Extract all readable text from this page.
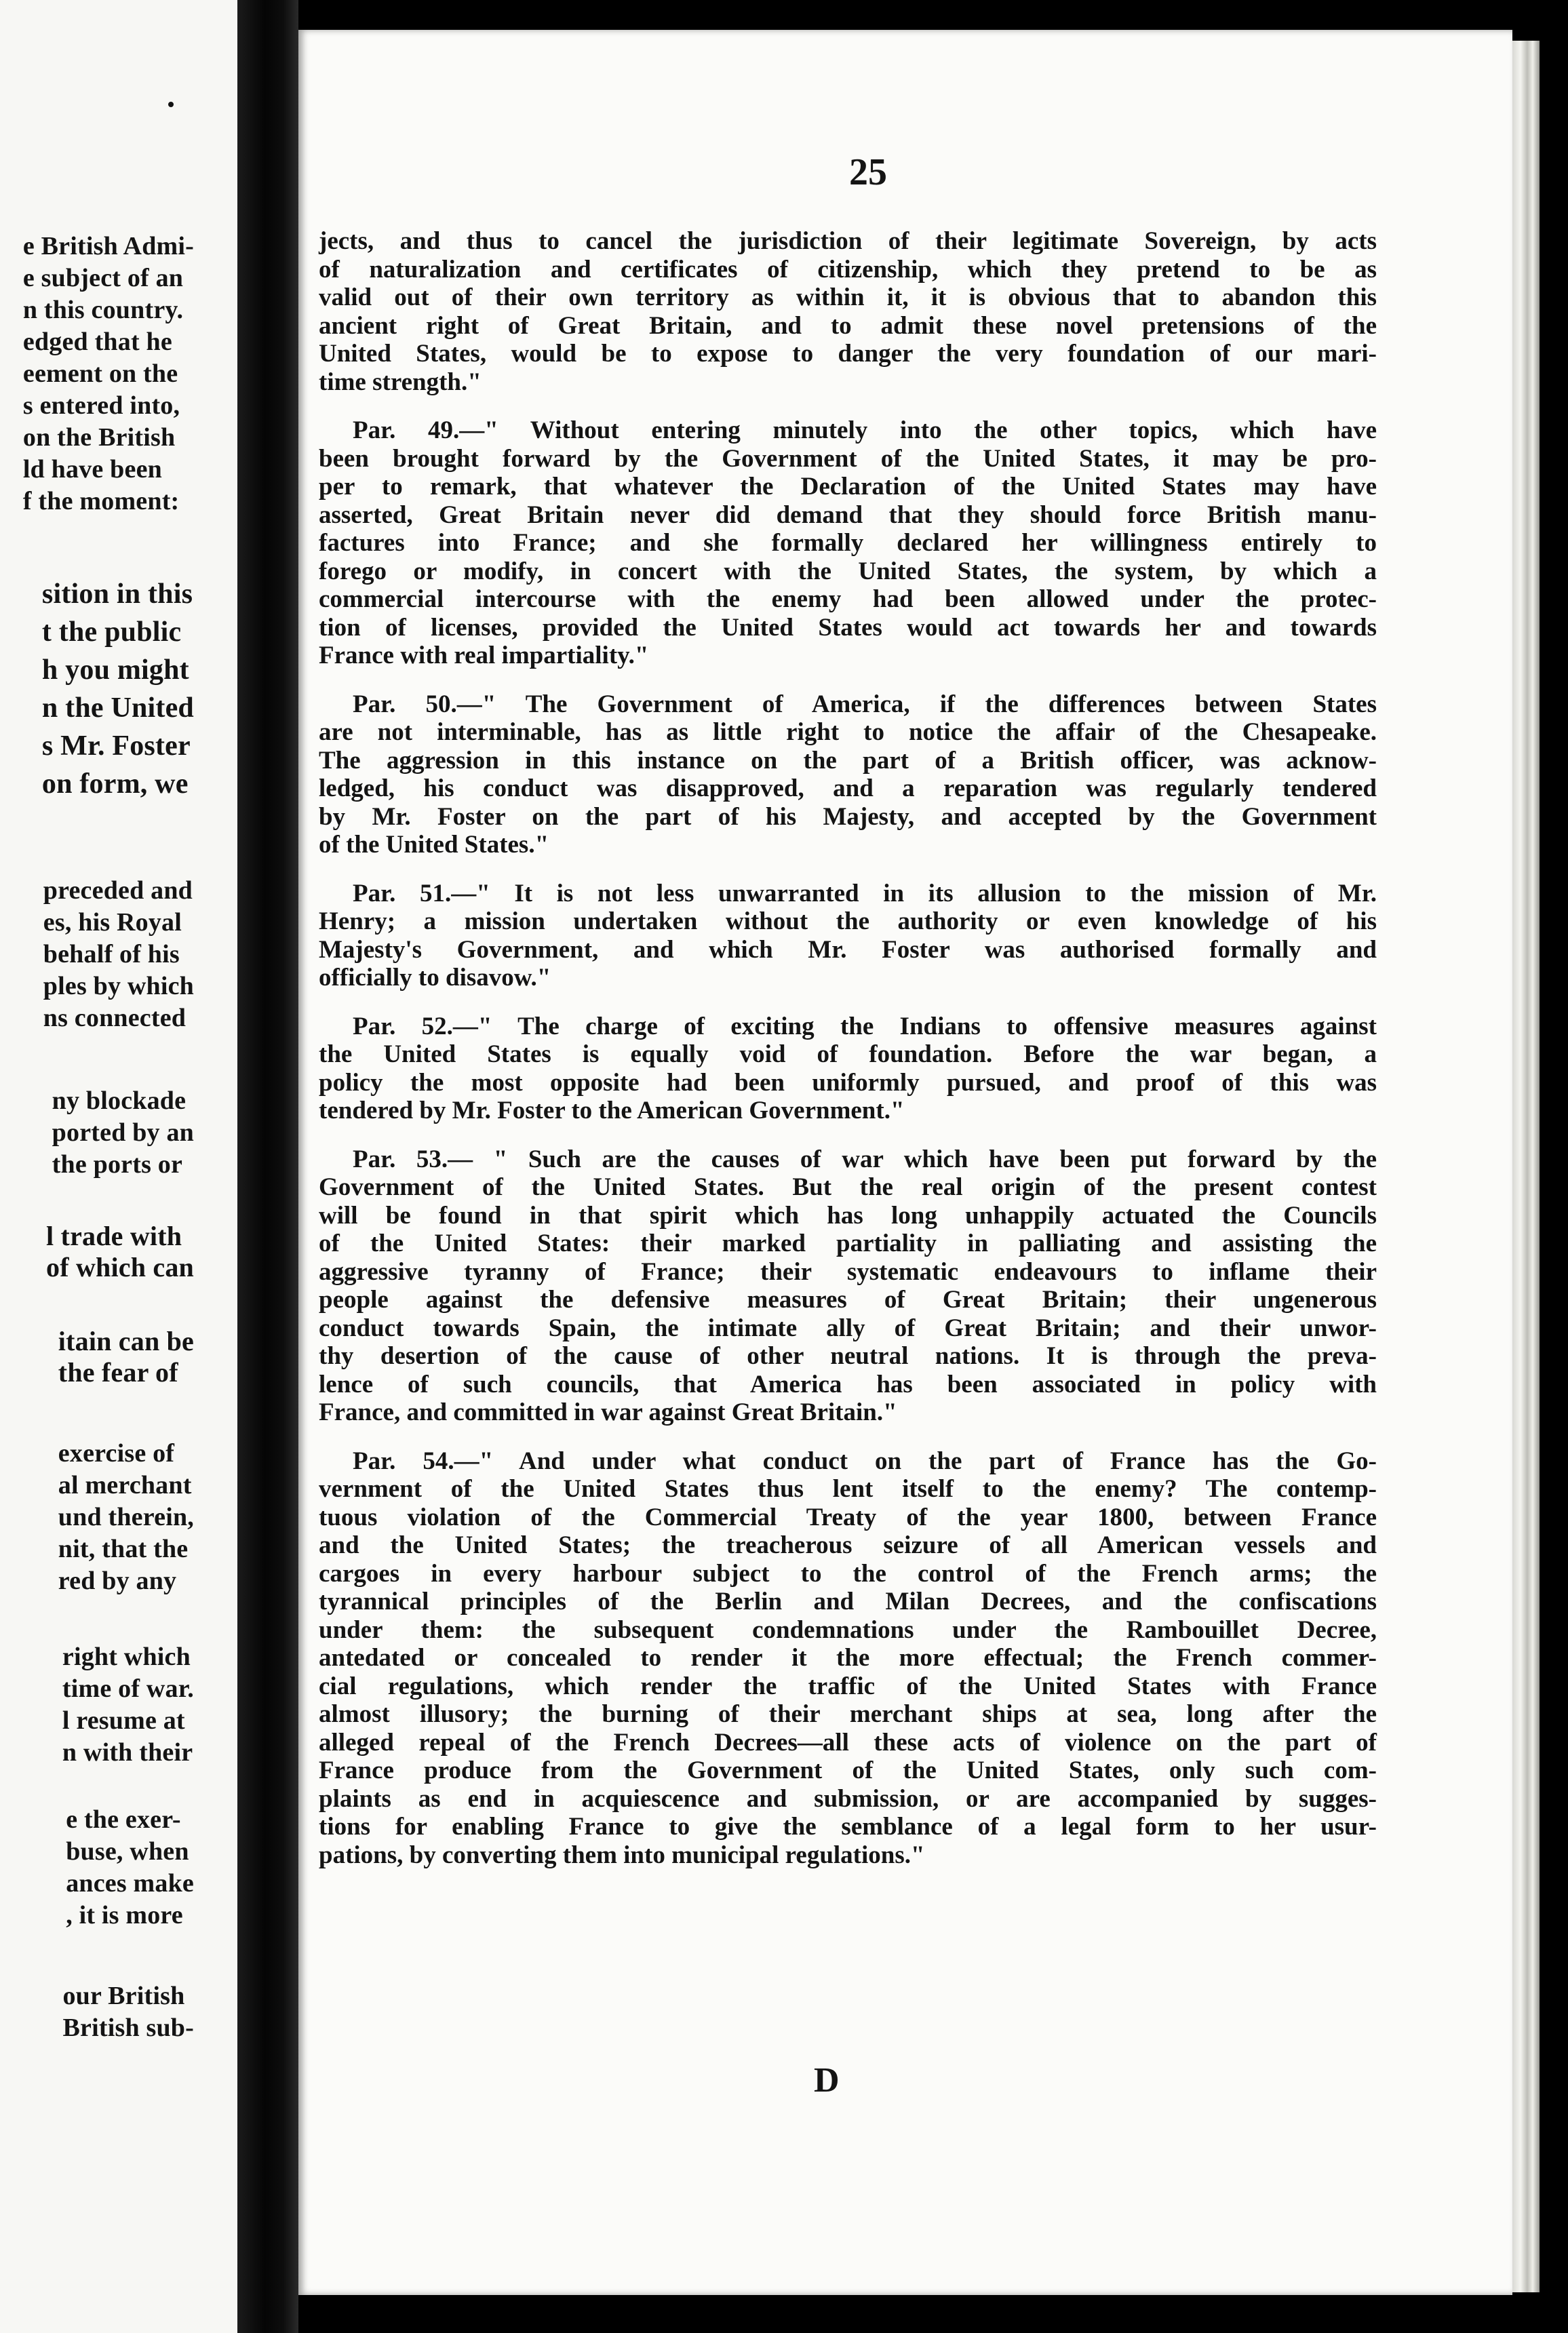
e British Admi-
e subject of an
n this country.
edged that he
eement on the
s entered into,
on the British
ld have been
f the moment:
sition in this
t the public
h you might
n the United
s Mr. Foster
on form, we
preceded and
es, his Royal
behalf of his
ples by which
ns connected
ny blockade
ported by an
the ports or
l trade with
of which can
itain can be
the fear of
exercise of
al merchant
und therein,
nit, that the
red by any
right which
time of war.
l resume at
n with their
e the exer-
buse, when
ances make
, it is more
our British
British sub-
25
jects, and thus to cancel the jurisdiction of their legitimate Sovereign, by acts
of naturalization and certificates of citizenship, which they pretend to be as
valid out of their own territory as within it, it is obvious that to abandon this
ancient right of Great Britain, and to admit these novel pretensions of the
United States, would be to expose to danger the very foundation of our mari-
time strength."
Par. 49.—" Without entering minutely into the other topics, which have
been brought forward by the Government of the United States, it may be pro-
per to remark, that whatever the Declaration of the United States may have
asserted, Great Britain never did demand that they should force British manu-
factures into France; and she formally declared her willingness entirely to
forego or modify, in concert with the United States, the system, by which a
commercial intercourse with the enemy had been allowed under the protec-
tion of licenses, provided the United States would act towards her and towards
France with real impartiality."
Par. 50.—" The Government of America, if the differences between States
are not interminable, has as little right to notice the affair of the Chesapeake.
The aggression in this instance on the part of a British officer, was acknow-
ledged, his conduct was disapproved, and a reparation was regularly tendered
by Mr. Foster on the part of his Majesty, and accepted by the Government
of the United States."
Par. 51.—" It is not less unwarranted in its allusion to the mission of Mr.
Henry; a mission undertaken without the authority or even knowledge of his
Majesty's Government, and which Mr. Foster was authorised formally and
officially to disavow."
Par. 52.—" The charge of exciting the Indians to offensive measures against
the United States is equally void of foundation. Before the war began, a
policy the most opposite had been uniformly pursued, and proof of this was
tendered by Mr. Foster to the American Government."
Par. 53.— " Such are the causes of war which have been put forward by the
Government of the United States. But the real origin of the present contest
will be found in that spirit which has long unhappily actuated the Councils
of the United States: their marked partiality in palliating and assisting the
aggressive tyranny of France; their systematic endeavours to inflame their
people against the defensive measures of Great Britain; their ungenerous
conduct towards Spain, the intimate ally of Great Britain; and their unwor-
thy desertion of the cause of other neutral nations. It is through the preva-
lence of such councils, that America has been associated in policy with
France, and committed in war against Great Britain."
Par. 54.—" And under what conduct on the part of France has the Go-
vernment of the United States thus lent itself to the enemy? The contemp-
tuous violation of the Commercial Treaty of the year 1800, between France
and the United States; the treacherous seizure of all American vessels and
cargoes in every harbour subject to the control of the French arms; the
tyrannical principles of the Berlin and Milan Decrees, and the confiscations
under them: the subsequent condemnations under the Rambouillet Decree,
antedated or concealed to render it the more effectual; the French commer-
cial regulations, which render the traffic of the United States with France
almost illusory; the burning of their merchant ships at sea, long after the
alleged repeal of the French Decrees—all these acts of violence on the part of
France produce from the Government of the United States, only such com-
plaints as end in acquiescence and submission, or are accompanied by sugges-
tions for enabling France to give the semblance of a legal form to her usur-
pations, by converting them into municipal regulations."
D
